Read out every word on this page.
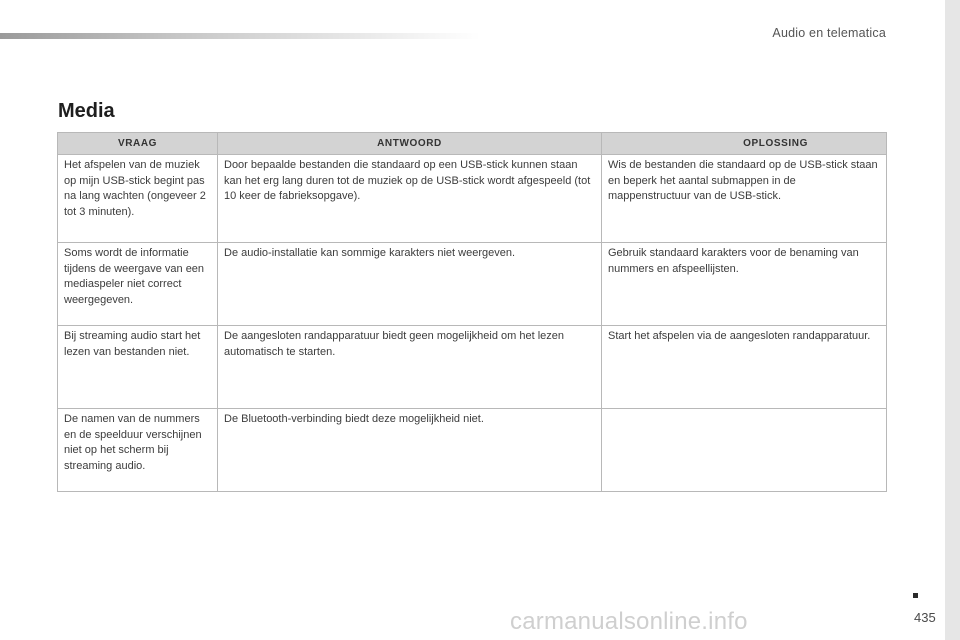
Audio en telematica
Media
VRAAG	ANTWOORD	OPLOSSING
Het afspelen van de muziek op mijn USB-stick begint pas na lang wachten (ongeveer 2 tot 3 minuten).	Door bepaalde bestanden die standaard op een USB-stick kunnen staan kan het erg lang duren tot de muziek op de USB-stick wordt afgespeeld (tot 10 keer de fabrieksopgave).	Wis de bestanden die standaard op de USB-stick staan en beperk het aantal submappen in de mappenstructuur van de USB-stick.
Soms wordt de informatie tijdens de weergave van een mediaspeler niet correct weergegeven.	De audio-installatie kan sommige karakters niet weergeven.	Gebruik standaard karakters voor de benaming van nummers en afspeellijsten.
Bij streaming audio start het lezen van bestanden niet.	De aangesloten randapparatuur biedt geen mogelijkheid om het lezen automatisch te starten.	Start het afspelen via de aangesloten randapparatuur.
De namen van de nummers en de speelduur verschijnen niet op het scherm bij streaming audio.	De Bluetooth-verbinding biedt deze mogelijkheid niet.	
carmanualsonline.info	435
